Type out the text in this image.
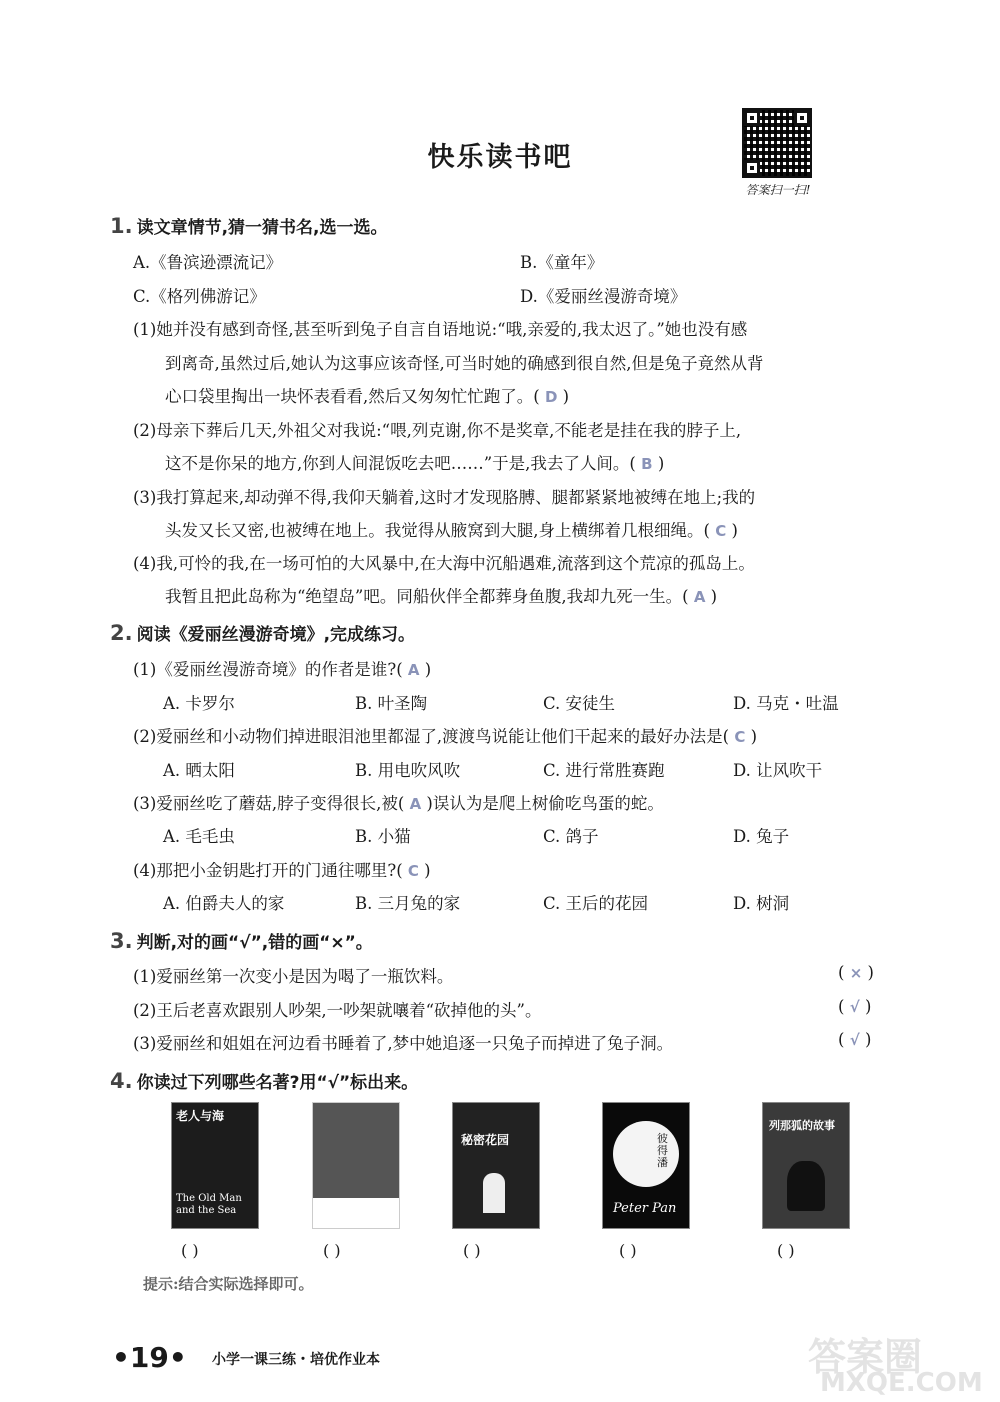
快乐读书吧
答案扫一扫!
1. 读文章情节,猜一猜书名,选一选。
A.《鲁滨逊漂流记》	B.《童年》
C.《格列佛游记》	D.《爱丽丝漫游奇境》
(1)她并没有感到奇怪,甚至听到兔子自言自语地说:“哦,亲爱的,我太迟了。”她也没有感
到离奇,虽然过后,她认为这事应该奇怪,可当时她的确感到很自然,但是兔子竟然从背
心口袋里掏出一块怀表看看,然后又匆匆忙忙跑了。( D )
(2)母亲下葬后几天,外祖父对我说:“喂,列克谢,你不是奖章,不能老是挂在我的脖子上,
这不是你呆的地方,你到人间混饭吃去吧……”于是,我去了人间。( B )
(3)我打算起来,却动弹不得,我仰天躺着,这时才发现胳膊、腿都紧紧地被缚在地上;我的
头发又长又密,也被缚在地上。我觉得从腋窝到大腿,身上横绑着几根细绳。( C )
(4)我,可怜的我,在一场可怕的大风暴中,在大海中沉船遇难,流落到这个荒凉的孤岛上。
我暂且把此岛称为“绝望岛”吧。同船伙伴全都葬身鱼腹,我却九死一生。( A )
2. 阅读《爱丽丝漫游奇境》,完成练习。
(1)《爱丽丝漫游奇境》的作者是谁?( A )
A. 卡罗尔	B. 叶圣陶	C. 安徒生	D. 马克・吐温
(2)爱丽丝和小动物们掉进眼泪池里都湿了,渡渡鸟说能让他们干起来的最好办法是( C )
A. 晒太阳	B. 用电吹风吹	C. 进行常胜赛跑	D. 让风吹干
(3)爱丽丝吃了蘑菇,脖子变得很长,被( A )误认为是爬上树偷吃鸟蛋的蛇。
A. 毛毛虫	B. 小猫	C. 鸽子	D. 兔子
(4)那把小金钥匙打开的门通往哪里?( C )
A. 伯爵夫人的家	B. 三月兔的家	C. 王后的花园	D. 树洞
3. 判断,对的画“√”,错的画“×”。
(1)爱丽丝第一次变小是因为喝了一瓶饮料。	( × )
(2)王后老喜欢跟别人吵架,一吵架就嚷着“砍掉他的头”。	( √ )
(3)爱丽丝和姐姐在河边看书睡着了,梦中她追逐一只兔子而掉进了兔子洞。	( √ )
4. 你读过下列哪些名著?用“√”标出来。
老人与海
The Old Man and the Sea
秘密花园	彼得潘
Peter Pan
列那狐的故事
( )	( )	( )	( )	( )
提示:结合实际选择即可。
•19• 小学一课三练・培优作业本	答案圈
MXQE.COM
